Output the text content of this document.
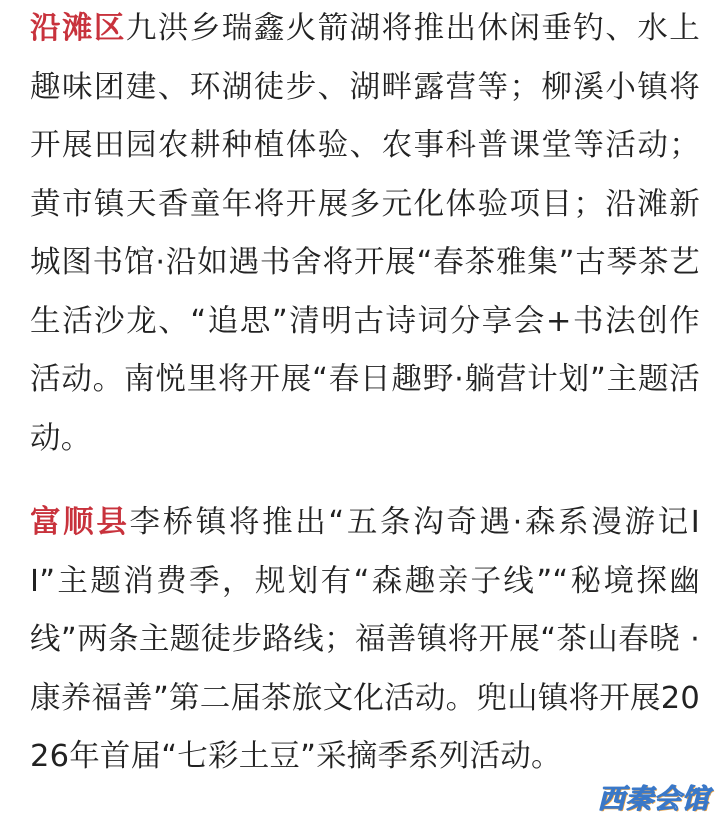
沿滩区九洪乡瑞鑫火箭湖将推出休闲垂钓、水上趣味团建、环湖徒步、湖畔露营等；柳溪小镇将开展田园农耕种植体验、农事科普课堂等活动；黄市镇天香童年将开展多元化体验项目；沿滩新城图书馆·沿如遇书舍将开展“春茶雅集”古琴茶艺生活沙龙、“追思”清明古诗词分享会+书法创作活动。南悦里将开展“春日趣野·躺营计划”主题活动。

富顺县李桥镇将推出“五条沟奇遇·森系漫游记II”主题消费季，规划有“森趣亲子线”“秘境探幽线”两条主题徒步路线；福善镇将开展“茶山春晓 · 康养福善”第二届茶旅文化活动。兜山镇将开展2026年首届“七彩土豆”采摘季系列活动。

西秦会馆
